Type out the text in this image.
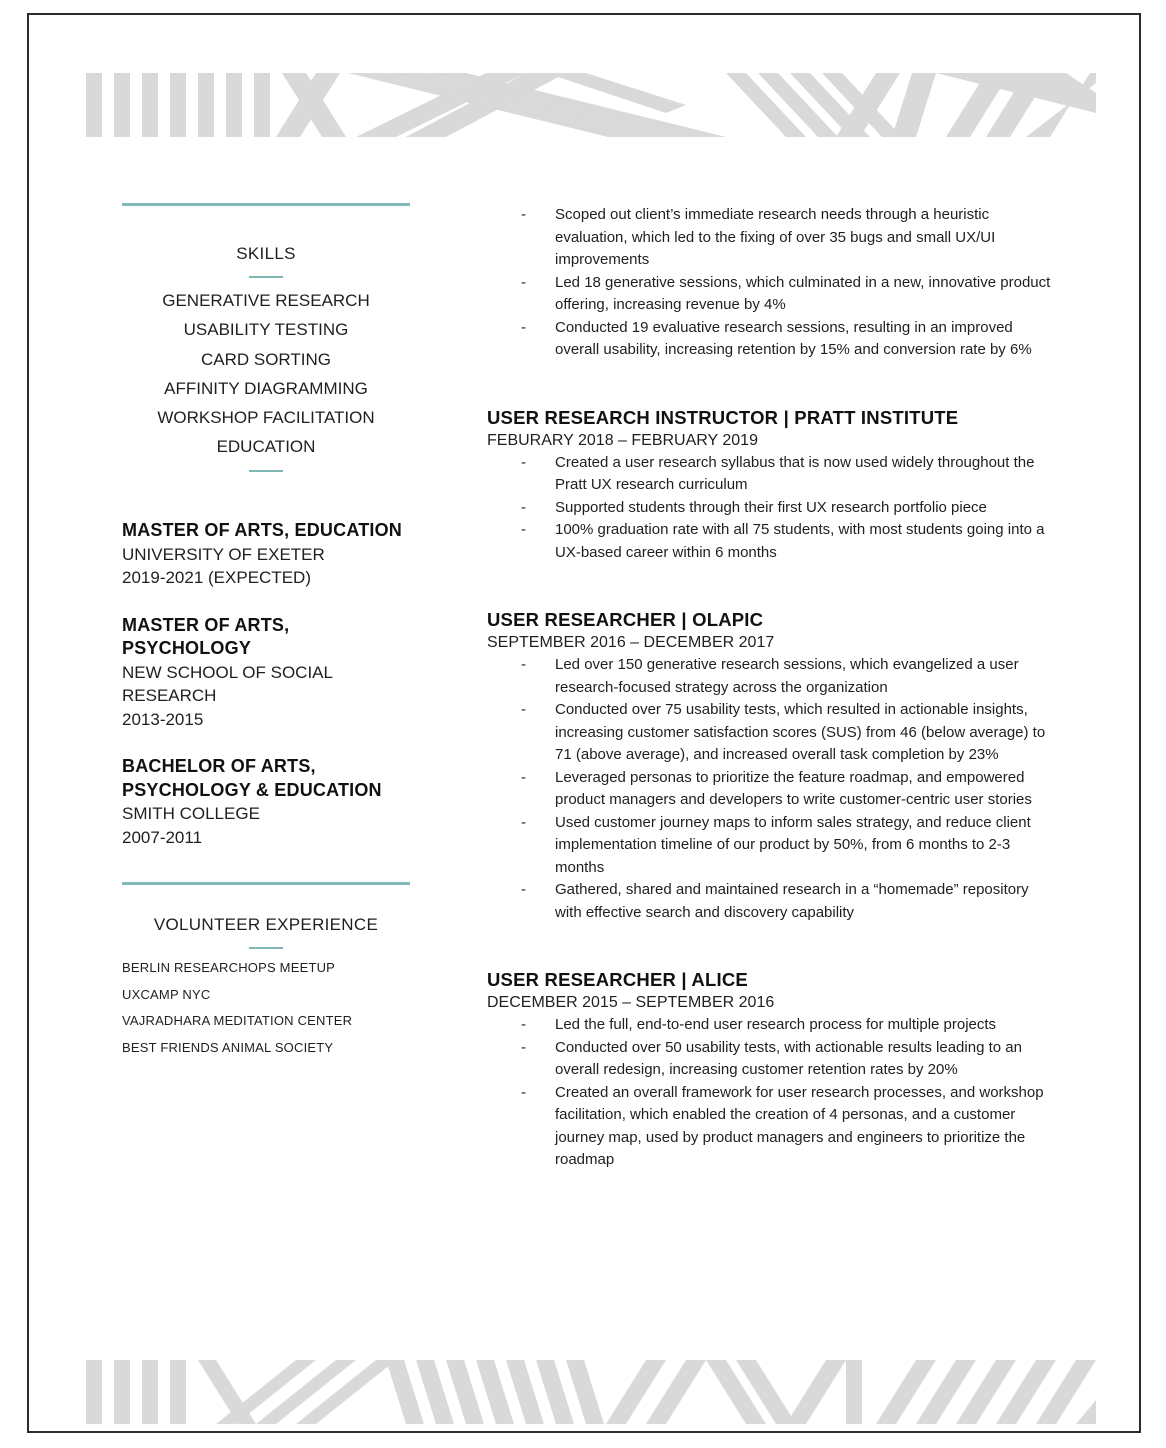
SKILLS
GENERATIVE RESEARCH
USABILITY TESTING
CARD SORTING
AFFINITY DIAGRAMMING
WORKSHOP FACILITATION
EDUCATION
MASTER OF ARTS, EDUCATION
UNIVERSITY OF EXETER
2019-2021 (EXPECTED)
MASTER OF ARTS, PSYCHOLOGY
NEW SCHOOL OF SOCIAL RESEARCH
2013-2015
BACHELOR OF ARTS, PSYCHOLOGY & EDUCATION
SMITH COLLEGE
2007-2011
VOLUNTEER EXPERIENCE
BERLIN RESEARCHOPS MEETUP
UXCAMP NYC
VAJRADHARA MEDITATION CENTER
BEST FRIENDS ANIMAL SOCIETY
- Scoped out client’s immediate research needs through a heuristic evaluation, which led to the fixing of over 35 bugs and small UX/UI improvements
- Led 18 generative sessions, which culminated in a new, innovative product offering, increasing revenue by 4%
- Conducted 19 evaluative research sessions, resulting in an improved overall usability, increasing retention by 15% and conversion rate by 6%
USER RESEARCH INSTRUCTOR | PRATT INSTITUTE
FEBURARY 2018 – FEBRUARY 2019
- Created a user research syllabus that is now used widely throughout the Pratt UX research curriculum
- Supported students through their first UX research portfolio piece
- 100% graduation rate with all 75 students, with most students going into a UX-based career within 6 months
USER RESEARCHER | OLAPIC
SEPTEMBER 2016 – DECEMBER 2017
- Led over 150 generative research sessions, which evangelized a user research-focused strategy across the organization
- Conducted over 75 usability tests, which resulted in actionable insights, increasing customer satisfaction scores (SUS) from 46 (below average) to 71 (above average), and increased overall task completion by 23%
- Leveraged personas to prioritize the feature roadmap, and empowered product managers and developers to write customer-centric user stories
- Used customer journey maps to inform sales strategy, and reduce client implementation timeline of our product by 50%, from 6 months to 2-3 months
- Gathered, shared and maintained research in a “homemade” repository with effective search and discovery capability
USER RESEARCHER | ALICE
DECEMBER 2015 – SEPTEMBER 2016
- Led the full, end-to-end user research process for multiple projects
- Conducted over 50 usability tests, with actionable results leading to an overall redesign, increasing customer retention rates by 20%
- Created an overall framework for user research processes, and workshop facilitation, which enabled the creation of 4 personas, and a customer journey map, used by product managers and engineers to prioritize the roadmap
